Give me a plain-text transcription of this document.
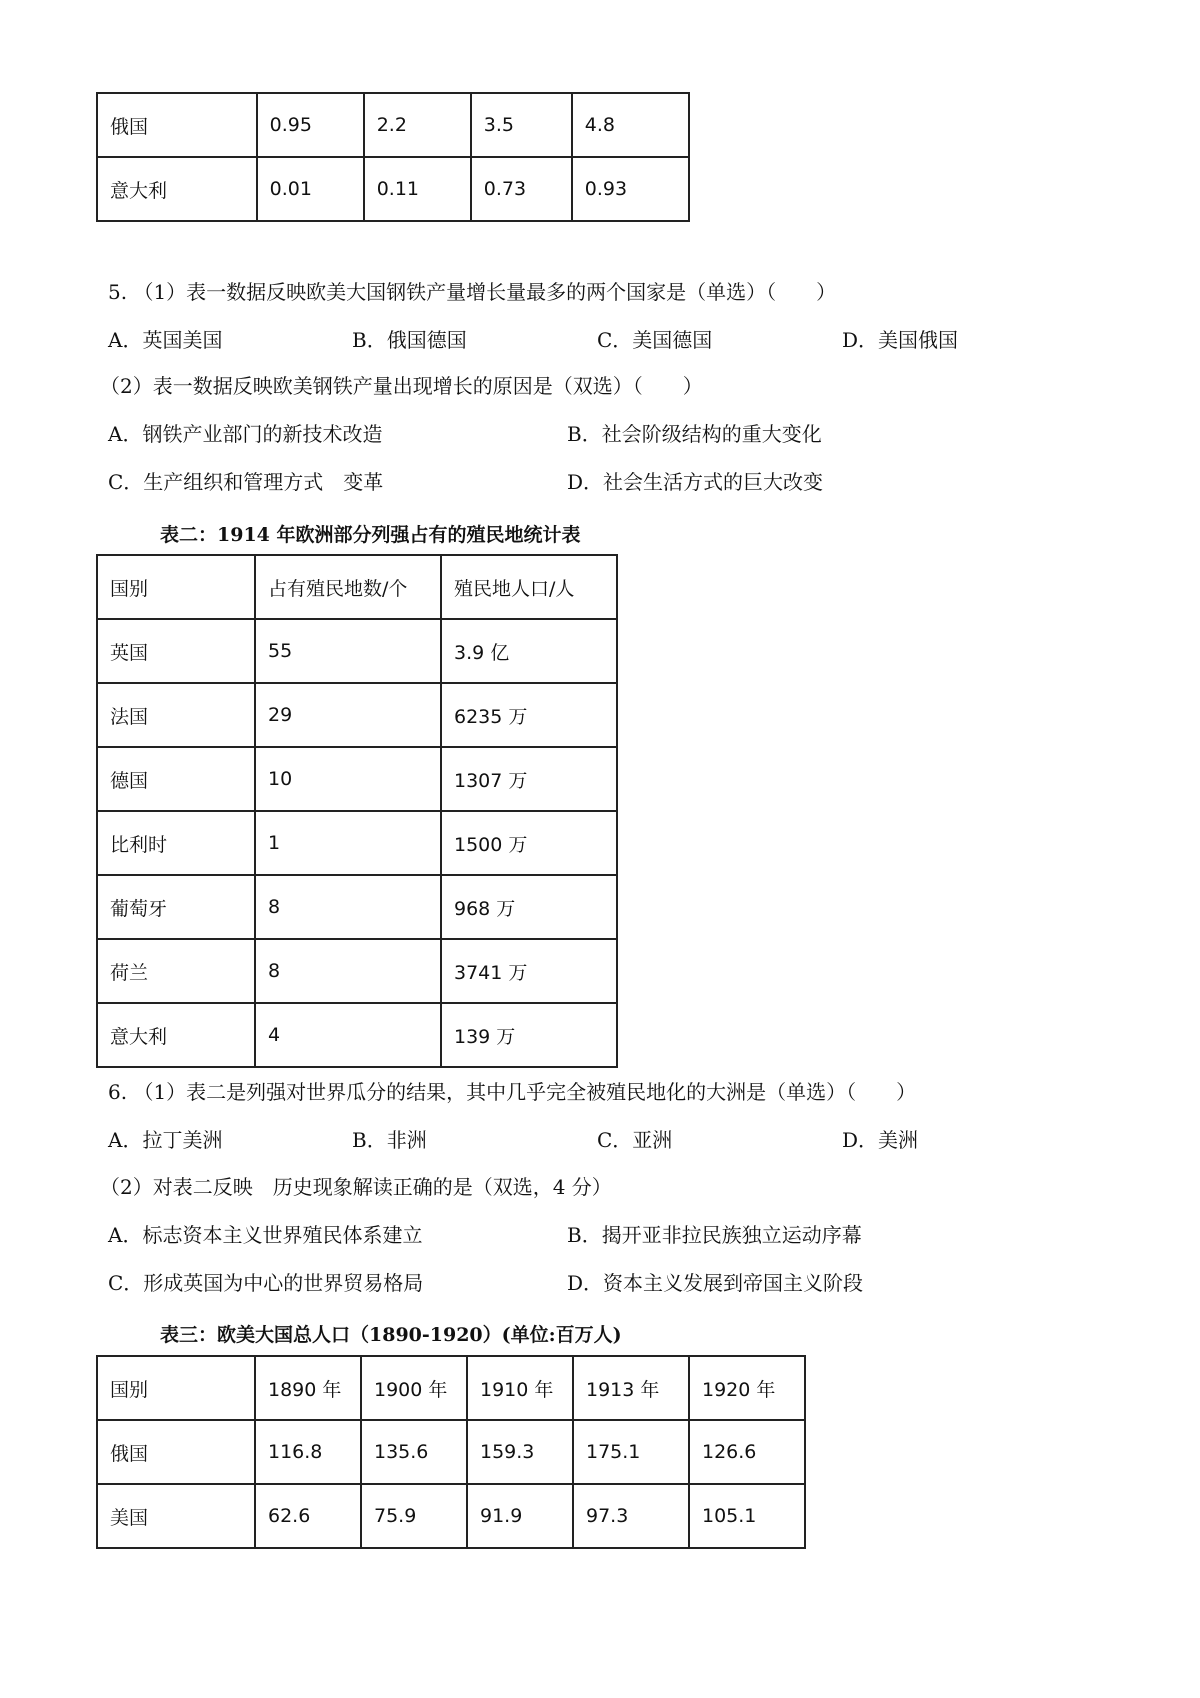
俄国	0.95	2.2	3.5	4.8
意大利	0.01	0.11	0.73	0.93
5. （1）表一数据反映欧美大国钢铁产量增长量最多的两个国家是（单选）（　　）
A．英国美国	B．俄国德国	C．美国德国	D．美国俄国
（2）表一数据反映欧美钢铁产量出现增长的原因是（双选）（　　）
A．钢铁产业部门的新技术改造	B．社会阶级结构的重大变化
C．生产组织和管理方式　变革	D．社会生活方式的巨大改变
表二：1914 年欧洲部分列强占有的殖民地统计表
国别	占有殖民地数/个	殖民地人口/人
英国	55	3.9 亿
法国	29	6235 万
德国	10	1307 万
比利时	1	1500 万
葡萄牙	8	968 万
荷兰	8	3741 万
意大利	4	139 万
6. （1）表二是列强对世界瓜分的结果，其中几乎完全被殖民地化的大洲是（单选）（　　）
A．拉丁美洲	B．非洲	C．亚洲	D．美洲
（2）对表二反映　历史现象解读正确的是（双选，4 分）
A．标志资本主义世界殖民体系建立	B．揭开亚非拉民族独立运动序幕
C．形成英国为中心的世界贸易格局	D．资本主义发展到帝国主义阶段
表三：欧美大国总人口（1890-1920）(单位:百万人)
国别	1890 年	1900 年	1910 年	1913 年	1920 年
俄国	116.8	135.6	159.3	175.1	126.6
美国	62.6	75.9	91.9	97.3	105.1
